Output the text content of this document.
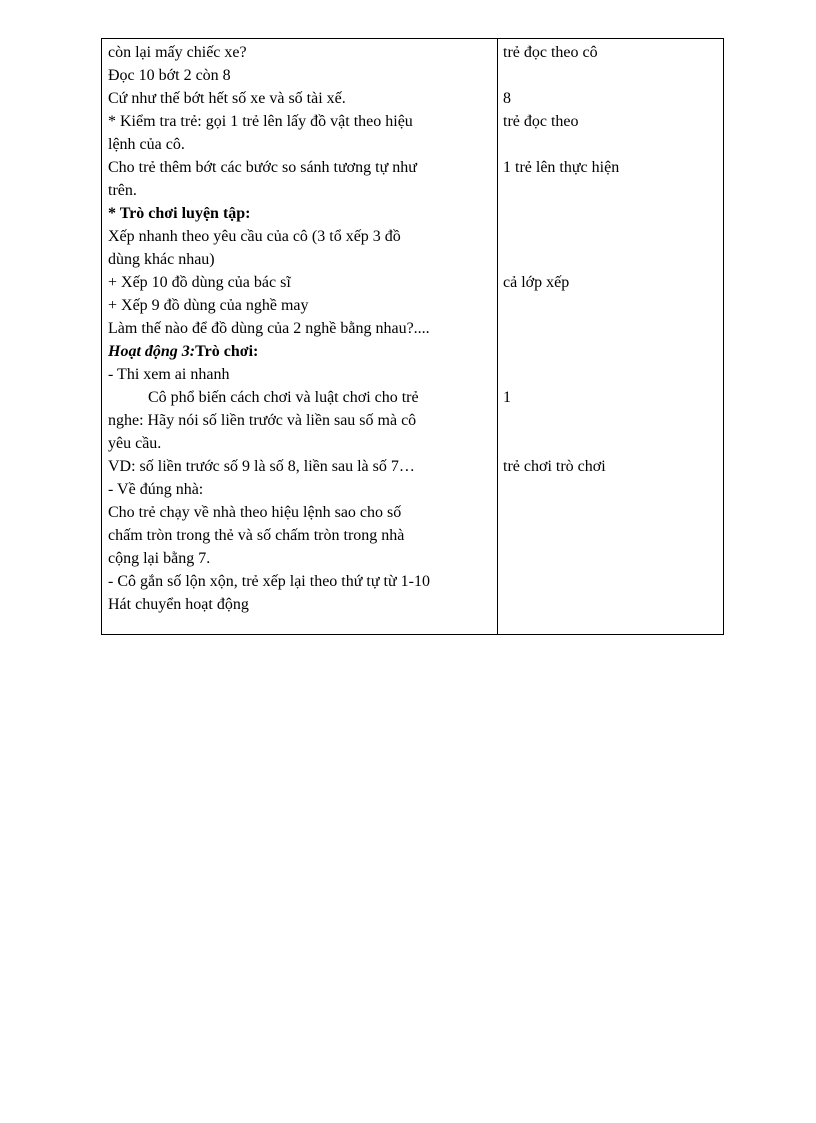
còn lại mấy chiếc xe?
Đọc 10 bớt 2 còn 8
Cứ như thế bớt hết số xe và số tài xế.
* Kiểm tra trẻ: gọi 1 trẻ lên lấy đồ vật theo hiệu
lệnh của cô.
Cho trẻ thêm bớt các bước so sánh tương tự như
trên.
* Trò chơi luyện tập:
Xếp nhanh theo yêu cầu của cô (3 tổ xếp 3 đồ
dùng khác nhau)
+ Xếp 10 đồ dùng của bác sĩ
+ Xếp 9 đồ dùng của nghề may
Làm thế nào để đồ dùng của 2 nghề bằng nhau?....
Hoạt động 3:Trò chơi:
- Thi xem ai nhanh
Cô phổ biến cách chơi và luật chơi cho trẻ
nghe: Hãy nói số liền trước và liền sau số mà cô
yêu cầu.
VD: số liền trước số 9 là số 8, liền sau là số 7…
- Về đúng nhà:
Cho trẻ chạy về nhà theo hiệu lệnh sao cho số
chấm tròn trong thẻ và số chấm tròn trong nhà
cộng lại bằng 7.
- Cô gắn số lộn xộn, trẻ xếp lại theo thứ tự từ 1-10
Hát chuyển hoạt động
trẻ đọc theo cô
8
trẻ đọc theo
1 trẻ lên thực hiện
cả lớp xếp
1
trẻ chơi trò chơi
